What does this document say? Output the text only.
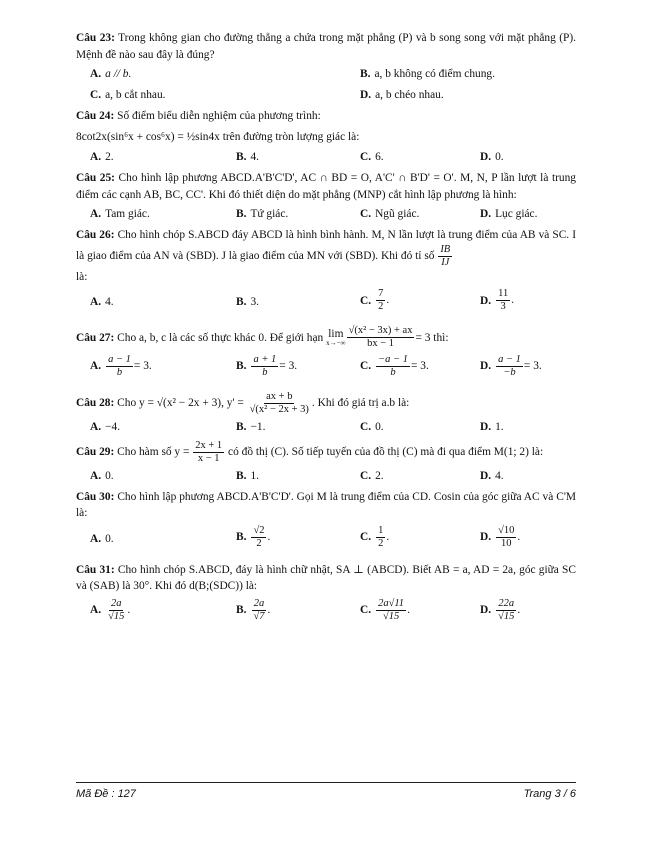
Câu 23: Trong không gian cho đường thẳng a chứa trong mặt phẳng (P) và b song song với mặt phẳng (P). Mệnh đề nào sau đây là đúng?
A. a // b.	B. a, b không có điểm chung.
C. a, b cắt nhau.	D. a, b chéo nhau.
Câu 24: Số điểm biểu diễn nghiệm của phương trình:
8cot2x(sin⁶x + cos⁶x) = ½sin4x trên đường tròn lượng giác là:
A. 2.	B. 4.	C. 6.	D. 0.
Câu 25: Cho hình lập phương ABCD.A'B'C'D', AC ∩ BD = O, A'C' ∩ B'D' = O'. M, N, P lần lượt là trung điểm các cạnh AB, BC, CC'. Khi đó thiết diện do mặt phẳng (MNP) cắt hình lập phương là hình:
A. Tam giác.	B. Tứ giác.	C. Ngũ giác.	D. Lục giác.
Câu 26: Cho hình chóp S.ABCD đáy ABCD là hình bình hành. M, N lần lượt là trung điểm của AB và SC. I là giao điểm của AN và (SBD). J là giao điểm của MN với (SBD). Khi đó tỉ số $\frac{IB}{IJ}$
là:
A. 4.	B. 3.	C. $\frac{7}{2}$ .	D. $\frac{11}{3}$ .
Câu 27:
Cho a, b, c là các số thực khác 0. Để giới hạn
lim
$x\to-\infty \frac{\text{√(x² − 3x) + ax}}{bx - 1} = 3$ thì:
A. $\frac{a - 1}{b} = 3$.	B. $\frac{a + 1}{b} = 3$.	C. $\frac{-a - 1}{b} = 3$.	D. $\frac{a - 1}{-b} = 3$.
Câu 28:
Cho y = √(x² − 2x + 3), y' =
$\frac{ax + b}{\text{√(x² − 2x + 3)}}$ . Khi đó giá trị a.b là:
A. −4.	B. −1.	C. 0.	D. 1.
Câu 29: Cho hàm số $y = \frac{2x + 1}{x - 1}$ có đồ thị (C). Số tiếp tuyến của đồ thị (C) mà đi qua điểm M(1; 2) là:
A. 0.	B. 1.	C. 2.	D. 4.
Câu 30: Cho hình lập phương ABCD.A'B'C'D'. Gọi M là trung điểm của CD. Cosin của góc giữa AC và C'M là:
A. 0.	B. $\frac{√2}{2}$ .	C. $\frac{1}{2}$ .	D. $\frac{√10}{10}$ .
Câu 31: Cho hình chóp S.ABCD, đáy là hình chữ nhật, SA ⊥ (ABCD). Biết AB = a, AD = 2a, góc giữa SC và (SAB) là 30°. Khi đó d(B;(SDC)) là:
A. $\frac{2a}{√15}$ .	B. $\frac{2a}{√7}$ .	C. $\frac{2a√11}{√15}$ .	D. $\frac{22a}{√15}$ .
Mã Đề : 127	Trang 3 / 6
